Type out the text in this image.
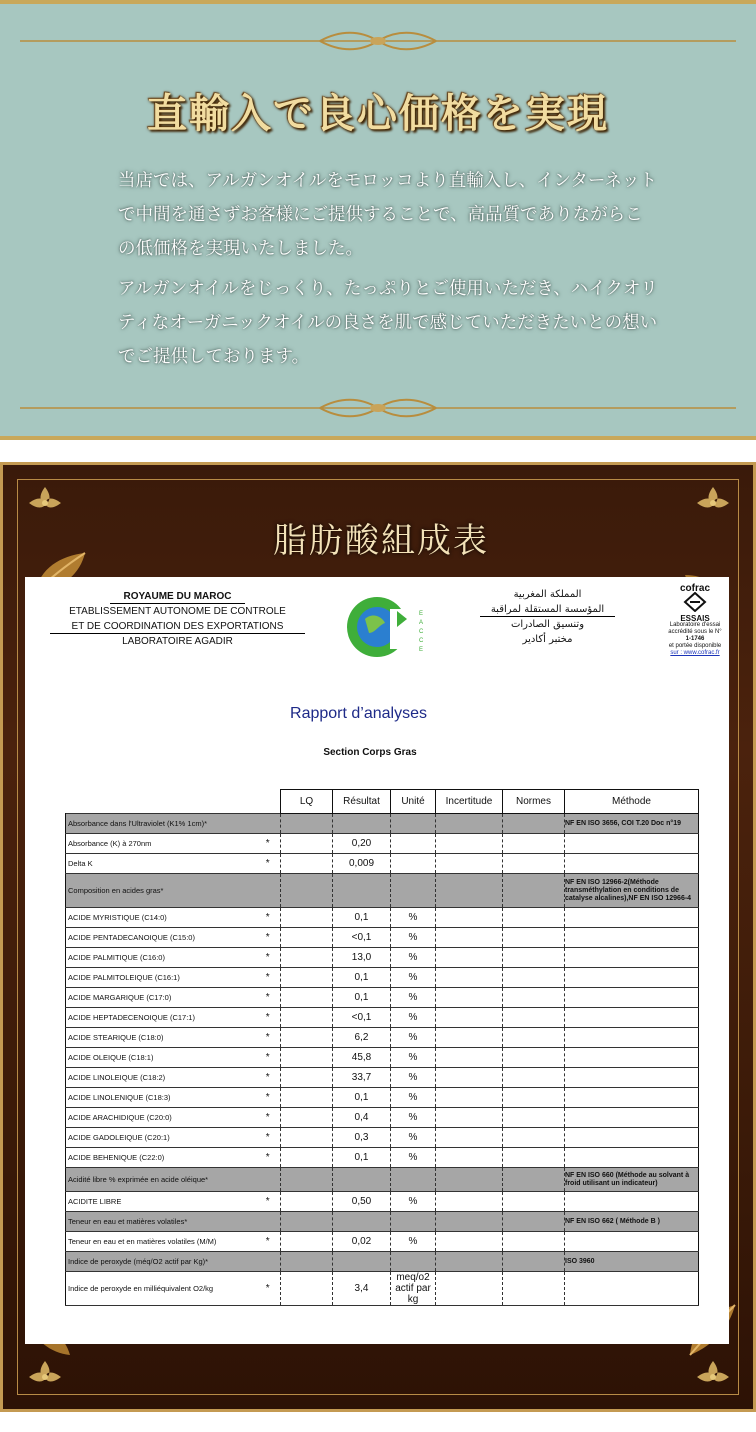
直輸入で良心価格を実現
当店では、アルガンオイルをモロッコより直輸入し、インターネットで中間を通さずお客様にご提供することで、高品質でありながらこの低価格を実現いたしました。
アルガンオイルをじっくり、たっぷりとご使用いただき、ハイクオリティなオーガニックオイルの良さを肌で感じていただきたいとの想いでご提供しております。
脂肪酸組成表
ROYAUME DU MAROC
ETABLISSEMENT AUTONOME DE CONTROLE
ET DE COORDINATION DES EXPORTATIONS
LABORATOIRE AGADIR
E
A
C
C
E
المملكة المغربية
المؤسسة المستقلة لمراقبة
وتنسيق الصادرات
مختبر أكادير
cofrac
ESSAIS
Laboratoire d'essai
accrédité sous le N°
1-1746
et portée disponible
sur : www.cofrac.fr
Rapport d’analyses
Section Corps Gras
		LQ	Résultat	Unité	Incertitude	Normes	Méthode
Absorbance dans l'Ultraviolet (K1% 1cm)*							NF EN ISO 3656, COI T.20 Doc n°19
Absorbance (K) à 270nm	*		0,20				
Delta K	*		0,009				
Composition en acides gras*							NF EN ISO 12966-2(Méthode transméthylation en conditions de catalyse alcalines),NF EN ISO 12966-4
ACIDE MYRISTIQUE (C14:0)	*		0,1	%			
ACIDE PENTADECANOIQUE (C15:0)	*		<0,1	%			
ACIDE PALMITIQUE (C16:0)	*		13,0	%			
ACIDE PALMITOLEIQUE (C16:1)	*		0,1	%			
ACIDE MARGARIQUE (C17:0)	*		0,1	%			
ACIDE HEPTADECENOIQUE (C17:1)	*		<0,1	%			
ACIDE STEARIQUE (C18:0)	*		6,2	%			
ACIDE OLEIQUE (C18:1)	*		45,8	%			
ACIDE LINOLEIQUE (C18:2)	*		33,7	%			
ACIDE LINOLENIQUE (C18:3)	*		0,1	%			
ACIDE ARACHIDIQUE (C20:0)	*		0,4	%			
ACIDE GADOLEIQUE (C20:1)	*		0,3	%			
ACIDE BEHENIQUE (C22:0)	*		0,1	%			
Acidité libre % exprimée en acide oléique*							NF EN ISO 660 (Méthode au solvant à froid utilisant un indicateur)
ACIDITE LIBRE	*		0,50	%			
Teneur en eau et matières volatiles*							NF EN ISO 662 ( Méthode B )
Teneur en eau et en matières volatiles (M/M)	*		0,02	%			
Indice de peroxyde (méq/O2 actif par Kg)*							ISO 3960
Indice de peroxyde en milliéquivalent O2/kg	*		3,4	meq/o2 actif par kg			
